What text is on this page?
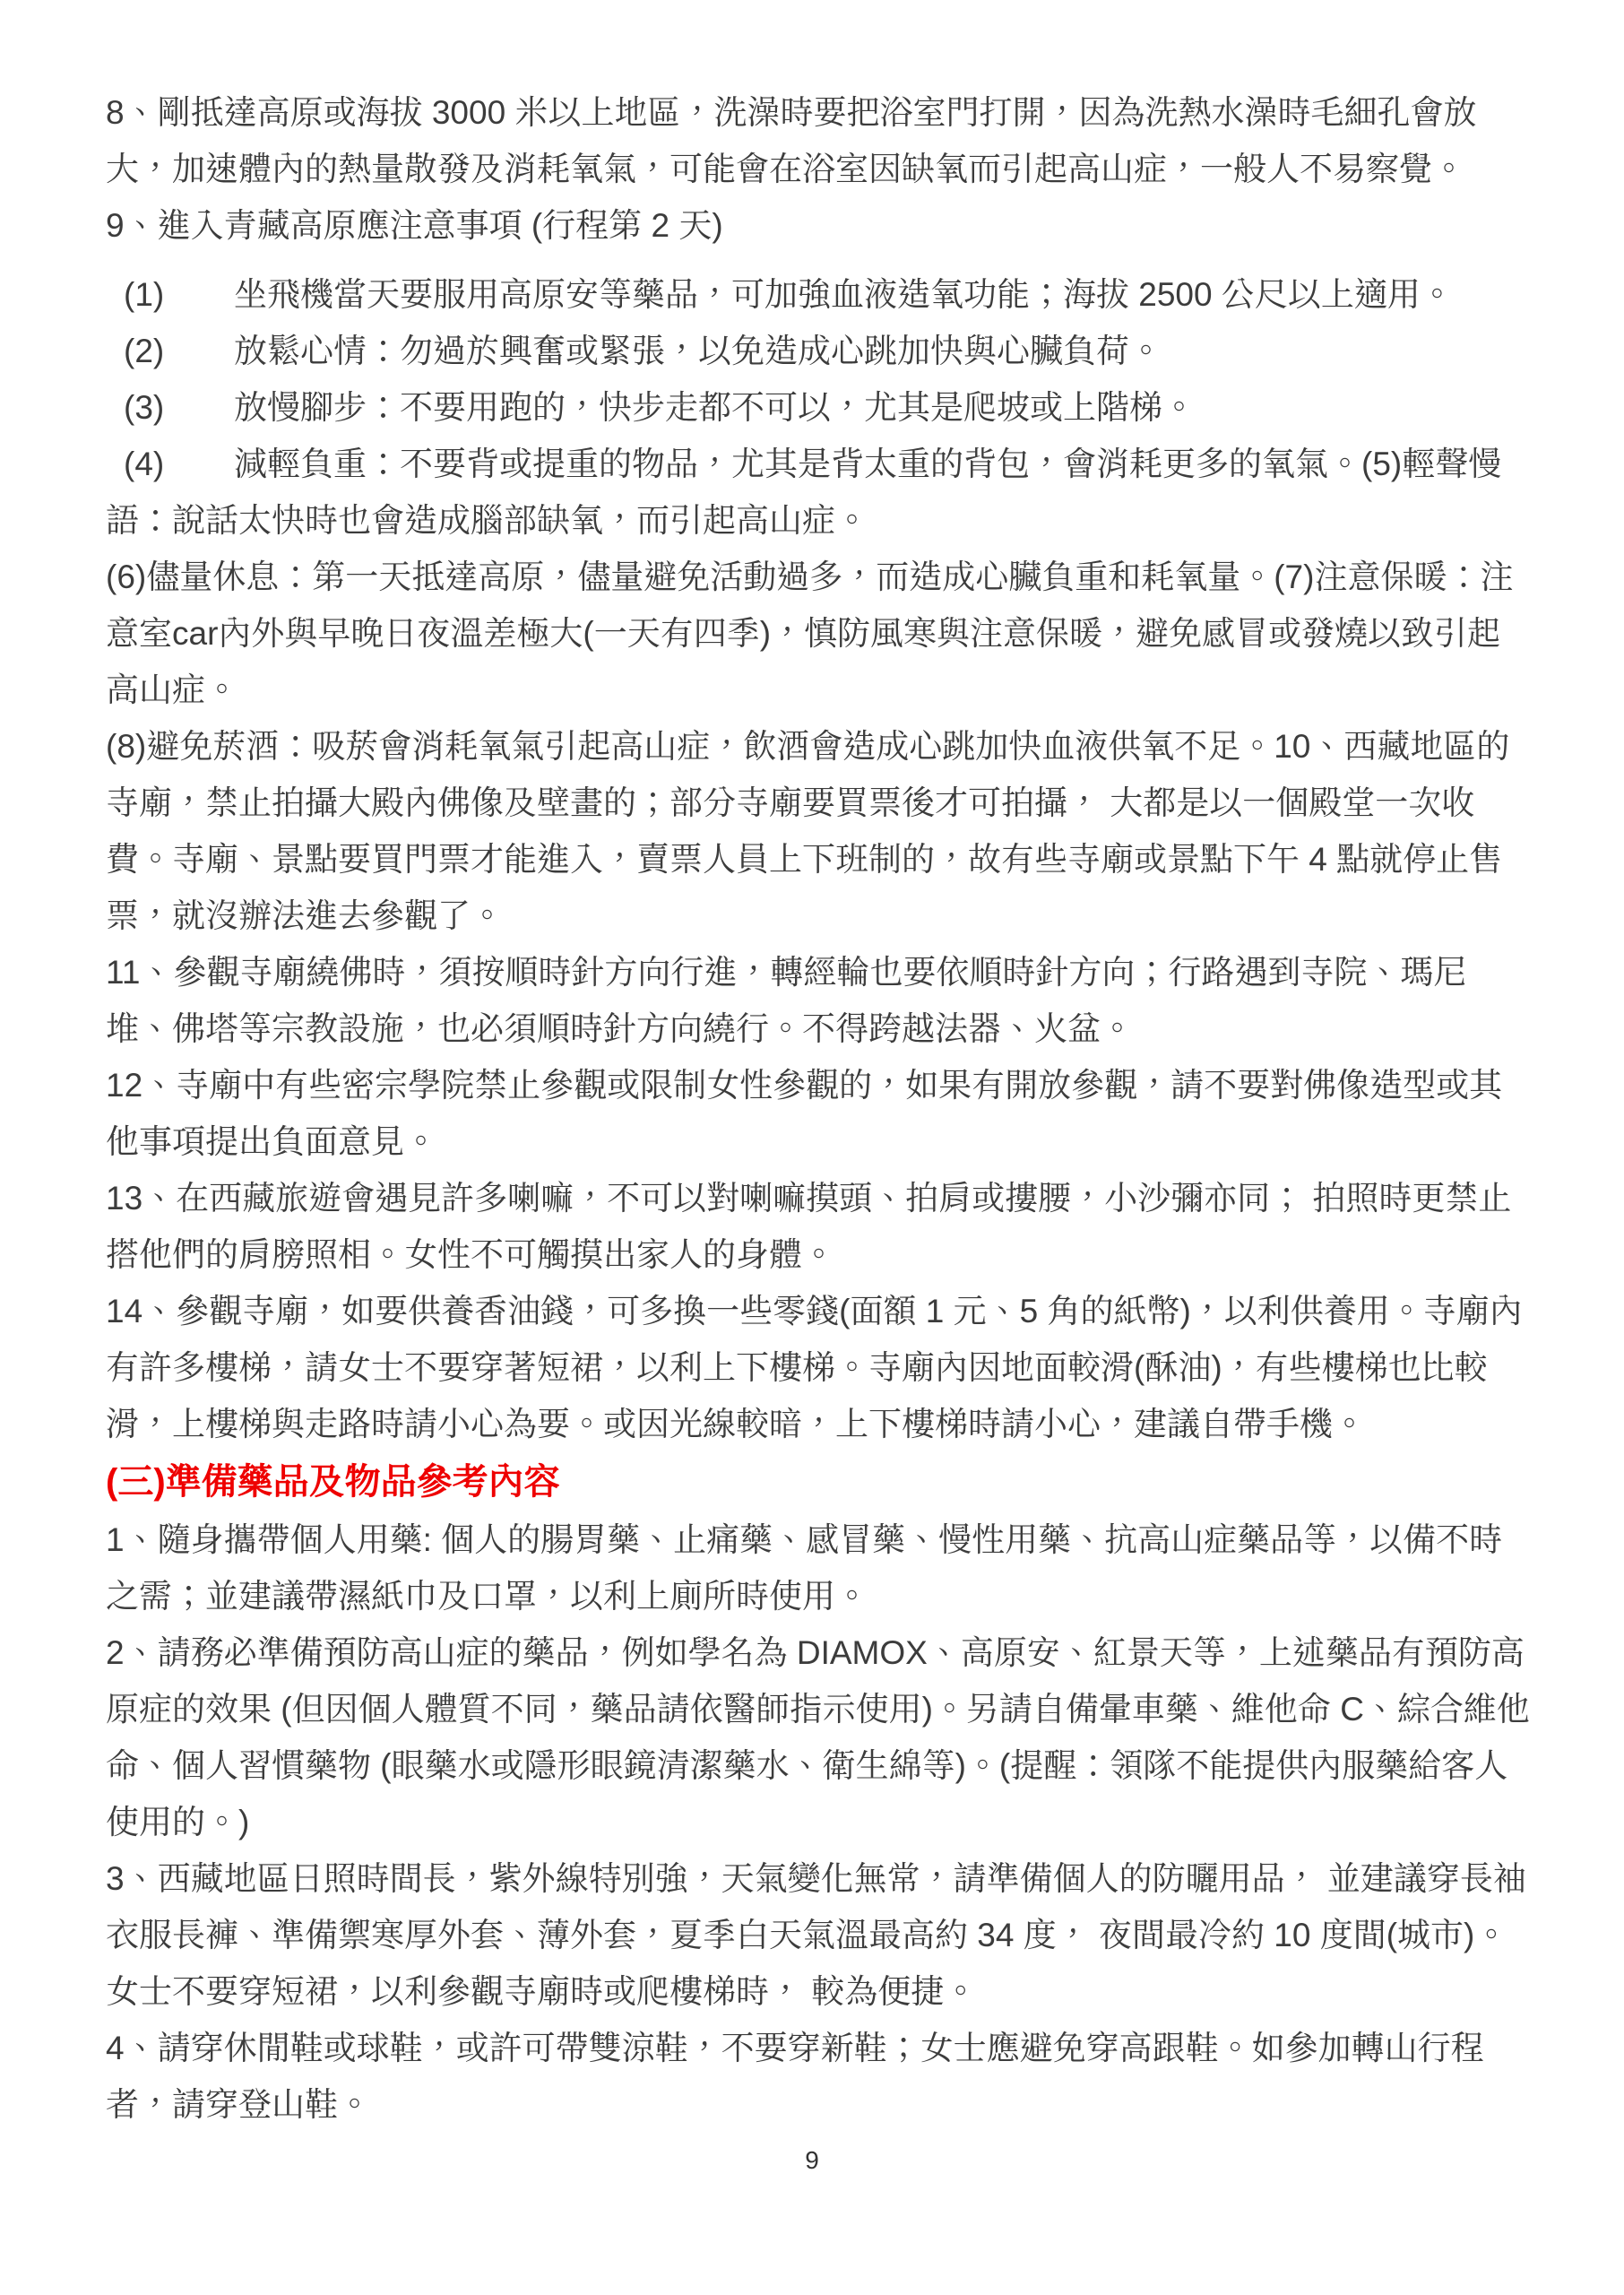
8、剛抵達高原或海拔 3000 米以上地區，洗澡時要把浴室門打開，因為洗熱水澡時毛細孔會放大，加速體內的熱量散發及消耗氧氣，可能會在浴室因缺氧而引起高山症，一般人不易察覺。

9、進入青藏高原應注意事項 (行程第 2 天)

(1) 坐飛機當天要服用高原安等藥品，可加強血液造氧功能；海拔 2500 公尺以上適用。

(2) 放鬆心情：勿過於興奮或緊張，以免造成心跳加快與心臟負荷。

(3) 放慢腳步：不要用跑的，快步走都不可以，尤其是爬坡或上階梯。

(4) 減輕負重：不要背或提重的物品，尤其是背太重的背包，會消耗更多的氧氣。(5)輕聲慢語：說話太快時也會造成腦部缺氧，而引起高山症。

(6)儘量休息：第一天抵達高原，儘量避免活動過多，而造成心臟負重和耗氧量。(7)注意保暖：注意室car內外與早晚日夜溫差極大(一天有四季)，慎防風寒與注意保暖，避免感冒或發燒以致引起高山症。

(8)避免菸酒：吸菸會消耗氧氣引起高山症，飲酒會造成心跳加快血液供氧不足。10、西藏地區的寺廟，禁止拍攝大殿內佛像及壁畫的；部分寺廟要買票後才可拍攝， 大都是以一個殿堂一次收費。寺廟、景點要買門票才能進入，賣票人員上下班制的，故有些寺廟或景點下午 4 點就停止售票，就沒辦法進去參觀了。

11、參觀寺廟繞佛時，須按順時針方向行進，轉經輪也要依順時針方向；行路遇到寺院、瑪尼堆、佛塔等宗教設施，也必須順時針方向繞行。不得跨越法器、火盆。

12、寺廟中有些密宗學院禁止參觀或限制女性參觀的，如果有開放參觀，請不要對佛像造型或其他事項提出負面意見。

13、在西藏旅遊會遇見許多喇嘛，不可以對喇嘛摸頭、拍肩或摟腰，小沙彌亦同； 拍照時更禁止 搭他們的肩膀照相。女性不可觸摸出家人的身體。

14、參觀寺廟，如要供養香油錢，可多換一些零錢(面額 1 元、5 角的紙幣)，以利供養用。寺廟內有許多樓梯，請女士不要穿著短裙，以利上下樓梯。寺廟內因地面較滑(酥油)，有些樓梯也比較滑，上樓梯與走路時請小心為要。或因光線較暗，上下樓梯時請小心，建議自帶手機。

(三)準備藥品及物品參考內容

1、隨身攜帶個人用藥: 個人的腸胃藥、止痛藥、感冒藥、慢性用藥、抗高山症藥品等，以備不時之需；並建議帶濕紙巾及口罩，以利上廁所時使用。

2、請務必準備預防高山症的藥品，例如學名為 DIAMOX、高原安、紅景天等，上述藥品有預防高原症的效果 (但因個人體質不同，藥品請依醫師指示使用)。另請自備暈車藥、維他命 C、綜合維他命、個人習慣藥物 (眼藥水或隱形眼鏡清潔藥水、衛生綿等)。(提醒：領隊不能提供內服藥給客人使用的。)

3、西藏地區日照時間長，紫外線特別強，天氣變化無常，請準備個人的防曬用品， 並建議穿長袖衣服長褲、準備禦寒厚外套、薄外套，夏季白天氣溫最高約 34 度， 夜間最冷約 10 度間(城市)。女士不要穿短裙，以利參觀寺廟時或爬樓梯時， 較為便捷。

4、請穿休閒鞋或球鞋，或許可帶雙涼鞋，不要穿新鞋；女士應避免穿高跟鞋。如參加轉山行程者，請穿登山鞋。

9
